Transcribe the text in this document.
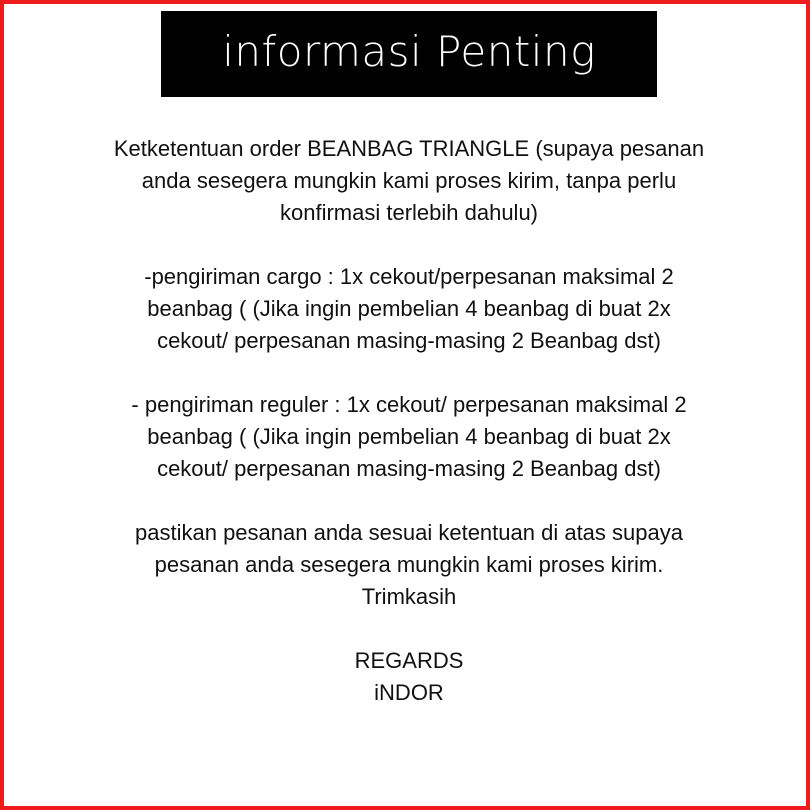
informasi Penting

Ketketentuan order BEANBAG TRIANGLE (supaya pesanan
anda sesegera mungkin kami proses kirim, tanpa perlu
konfirmasi terlebih dahulu)

-pengiriman cargo : 1x cekout/perpesanan maksimal 2
beanbag ( (Jika ingin pembelian 4 beanbag di buat 2x
cekout/ perpesanan masing-masing 2 Beanbag dst)

- pengiriman reguler : 1x cekout/ perpesanan maksimal 2
beanbag ( (Jika ingin pembelian 4 beanbag di buat 2x
cekout/ perpesanan masing-masing 2 Beanbag dst)

pastikan pesanan anda sesuai ketentuan di atas supaya
pesanan anda sesegera mungkin kami proses kirim.
Trimkasih

REGARDS
iNDOR
